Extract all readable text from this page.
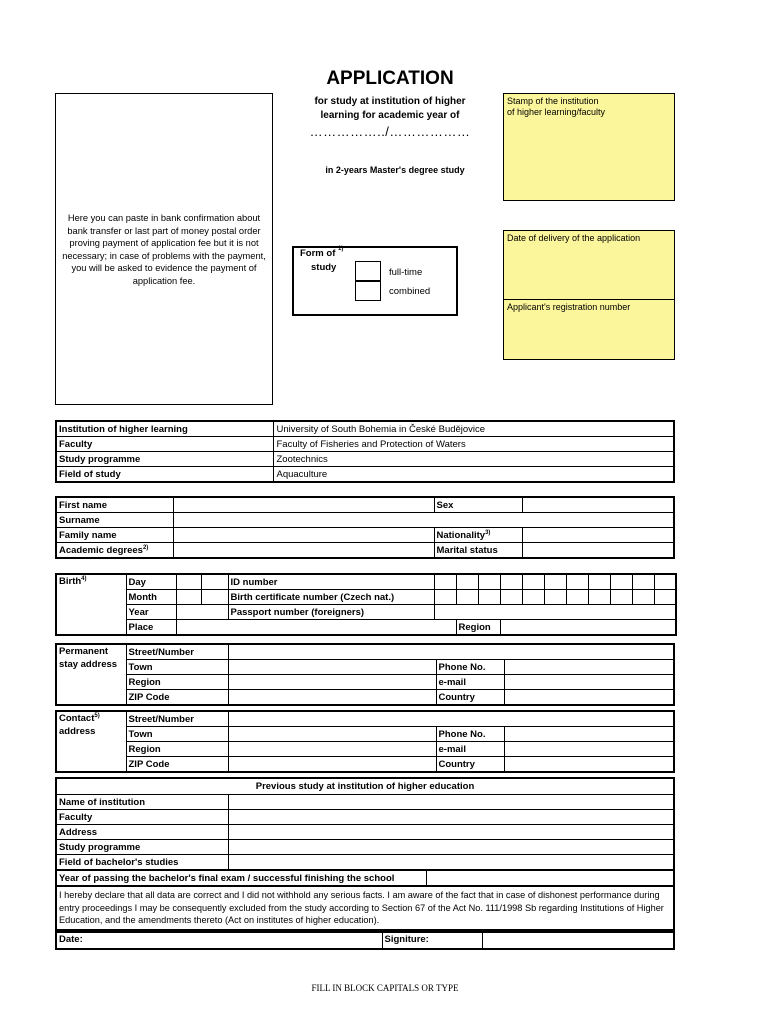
APPLICATION
for study at institution of higher
learning for academic year of
……………../………………
in 2-years Master's degree study
Here you can paste in bank confirmation about bank transfer or last part of money postal order proving payment of application fee but it is not necessary; in case of problems with the payment, you will be asked to evidence the payment of application fee.
Stamp of the institution
of higher learning/faculty
Date of delivery of the application
Applicant's registration number
Form of $^{1)}$
study	full-time
combined
Institution of higher learning	University of South Bohemia in České Budějovice
Faculty	Faculty of Fisheries and Protection of Waters
Study programme	Zootechnics
Field of study	Aquaculture
First name		Sex	
Surname			
Family name		Nationality$^{3)}$	
Academic degrees$^{2)}$		Marital status	
Birth$^{4)}$	Day			ID number											
	Month			Birth certificate number (Czech nat.)											
	Year			Passport number (foreigners)											
	Place					Region									
Permanent
stay address	Street/Number			
	Town		Phone No.	
	Region		e-mail	
	ZIP Code		Country	
Contact$^{5)}$
address	Street/Number			
	Town		Phone No.	
	Region		e-mail	
	ZIP Code		Country	
Previous study at institution of higher education	
Name of institution	
Faculty	
Address	
Study programme	
Field of bachelor's studies	
Year of passing the bachelor's final exam / successful finishing the school	
I hereby declare that all data are correct and I did not withhold any serious facts. I am aware of the fact that in case of dishonest performance during entry proceedings I may be consequently excluded from the study according to Section 67 of the Act No. 111/1998 Sb regarding Institutions of Higher Education, and the amendments thereto (Act on institutes of higher education).
Date:	Signiture:	
FILL IN BLOCK CAPITALS OR TYPE
